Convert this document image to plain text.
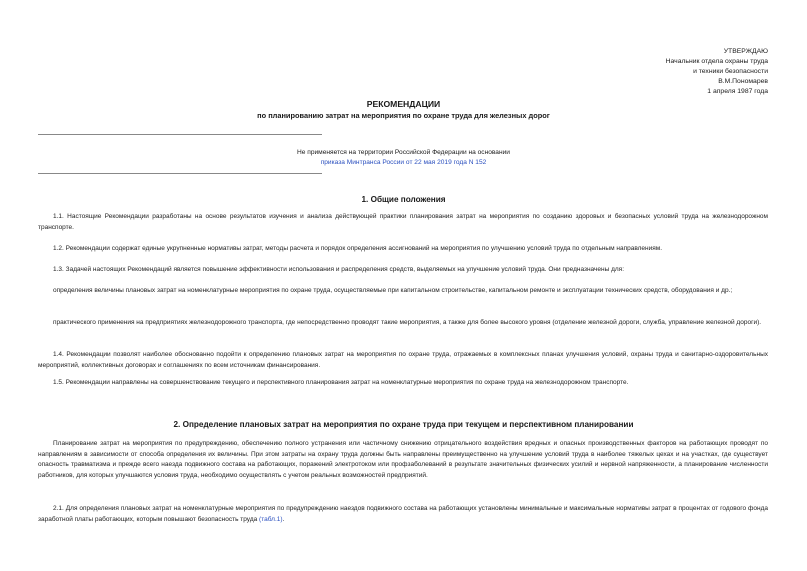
УТВЕРЖДАЮ
Начальник отдела охраны труда
и техники безопасности
В.М.Пономарев
1 апреля 1987 года
РЕКОМЕНДАЦИИ
по планированию затрат на мероприятия по охране труда для железных дорог
Не применяется на территории Российской Федерации на основании
приказа Минтранса России от 22 мая 2019 года N 152
1. Общие положения
1.1. Настоящие Рекомендации разработаны на основе результатов изучения и анализа действующей практики планирования затрат на мероприятия по созданию здоровых и безопасных условий труда на железнодорожном транспорте.
1.2. Рекомендации содержат единые укрупненные нормативы затрат, методы расчета и порядок определения ассигнований на мероприятия по улучшению условий труда по отдельным направлениям.
1.3. Задачей настоящих Рекомендаций является повышение эффективности использования и распределения средств, выделяемых на улучшение условий труда. Они предназначены для:
определения величины плановых затрат на номенклатурные мероприятия по охране труда, осуществляемые при капитальном строительстве, капитальном ремонте и эксплуатации технических средств, оборудования и др.;
практического применения на предприятиях железнодорожного транспорта, где непосредственно проводят такие мероприятия, а также для более высокого уровня (отделение железной дороги, служба, управление железной дороги).
1.4. Рекомендации позволят наиболее обоснованно подойти к определению плановых затрат на мероприятия по охране труда, отражаемых в комплексных планах улучшения условий, охраны труда и санитарно-оздоровительных мероприятий, коллективных договорах и соглашениях по всем источникам финансирования.
1.5. Рекомендации направлены на совершенствование текущего и перспективного планирования затрат на номенклатурные мероприятия по охране труда на железнодорожном транспорте.
2. Определение плановых затрат на мероприятия по охране труда при текущем и перспективном планировании
Планирование затрат на мероприятия по предупреждению, обеспечению полного устранения или частичному снижению отрицательного воздействия вредных и опасных производственных факторов на работающих проводят по направлениям в зависимости от способа определения их величины. При этом затраты на охрану труда должны быть направлены преимущественно на улучшение условий труда в наиболее тяжелых цехах и на участках, где существует опасность травматизма и прежде всего наезда подвижного состава на работающих, поражений электротоком или профзаболеваний в результате значительных физических усилий и нервной напряженности, а планирование численности работников, для которых улучшаются условия труда, необходимо осуществлять с учетом реальных возможностей предприятий.
2.1. Для определения плановых затрат на номенклатурные мероприятия по предупреждению наездов подвижного состава на работающих установлены минимальные и максимальные нормативы затрат в процентах от годового фонда заработной платы работающих, которым повышают безопасность труда (табл.1).
